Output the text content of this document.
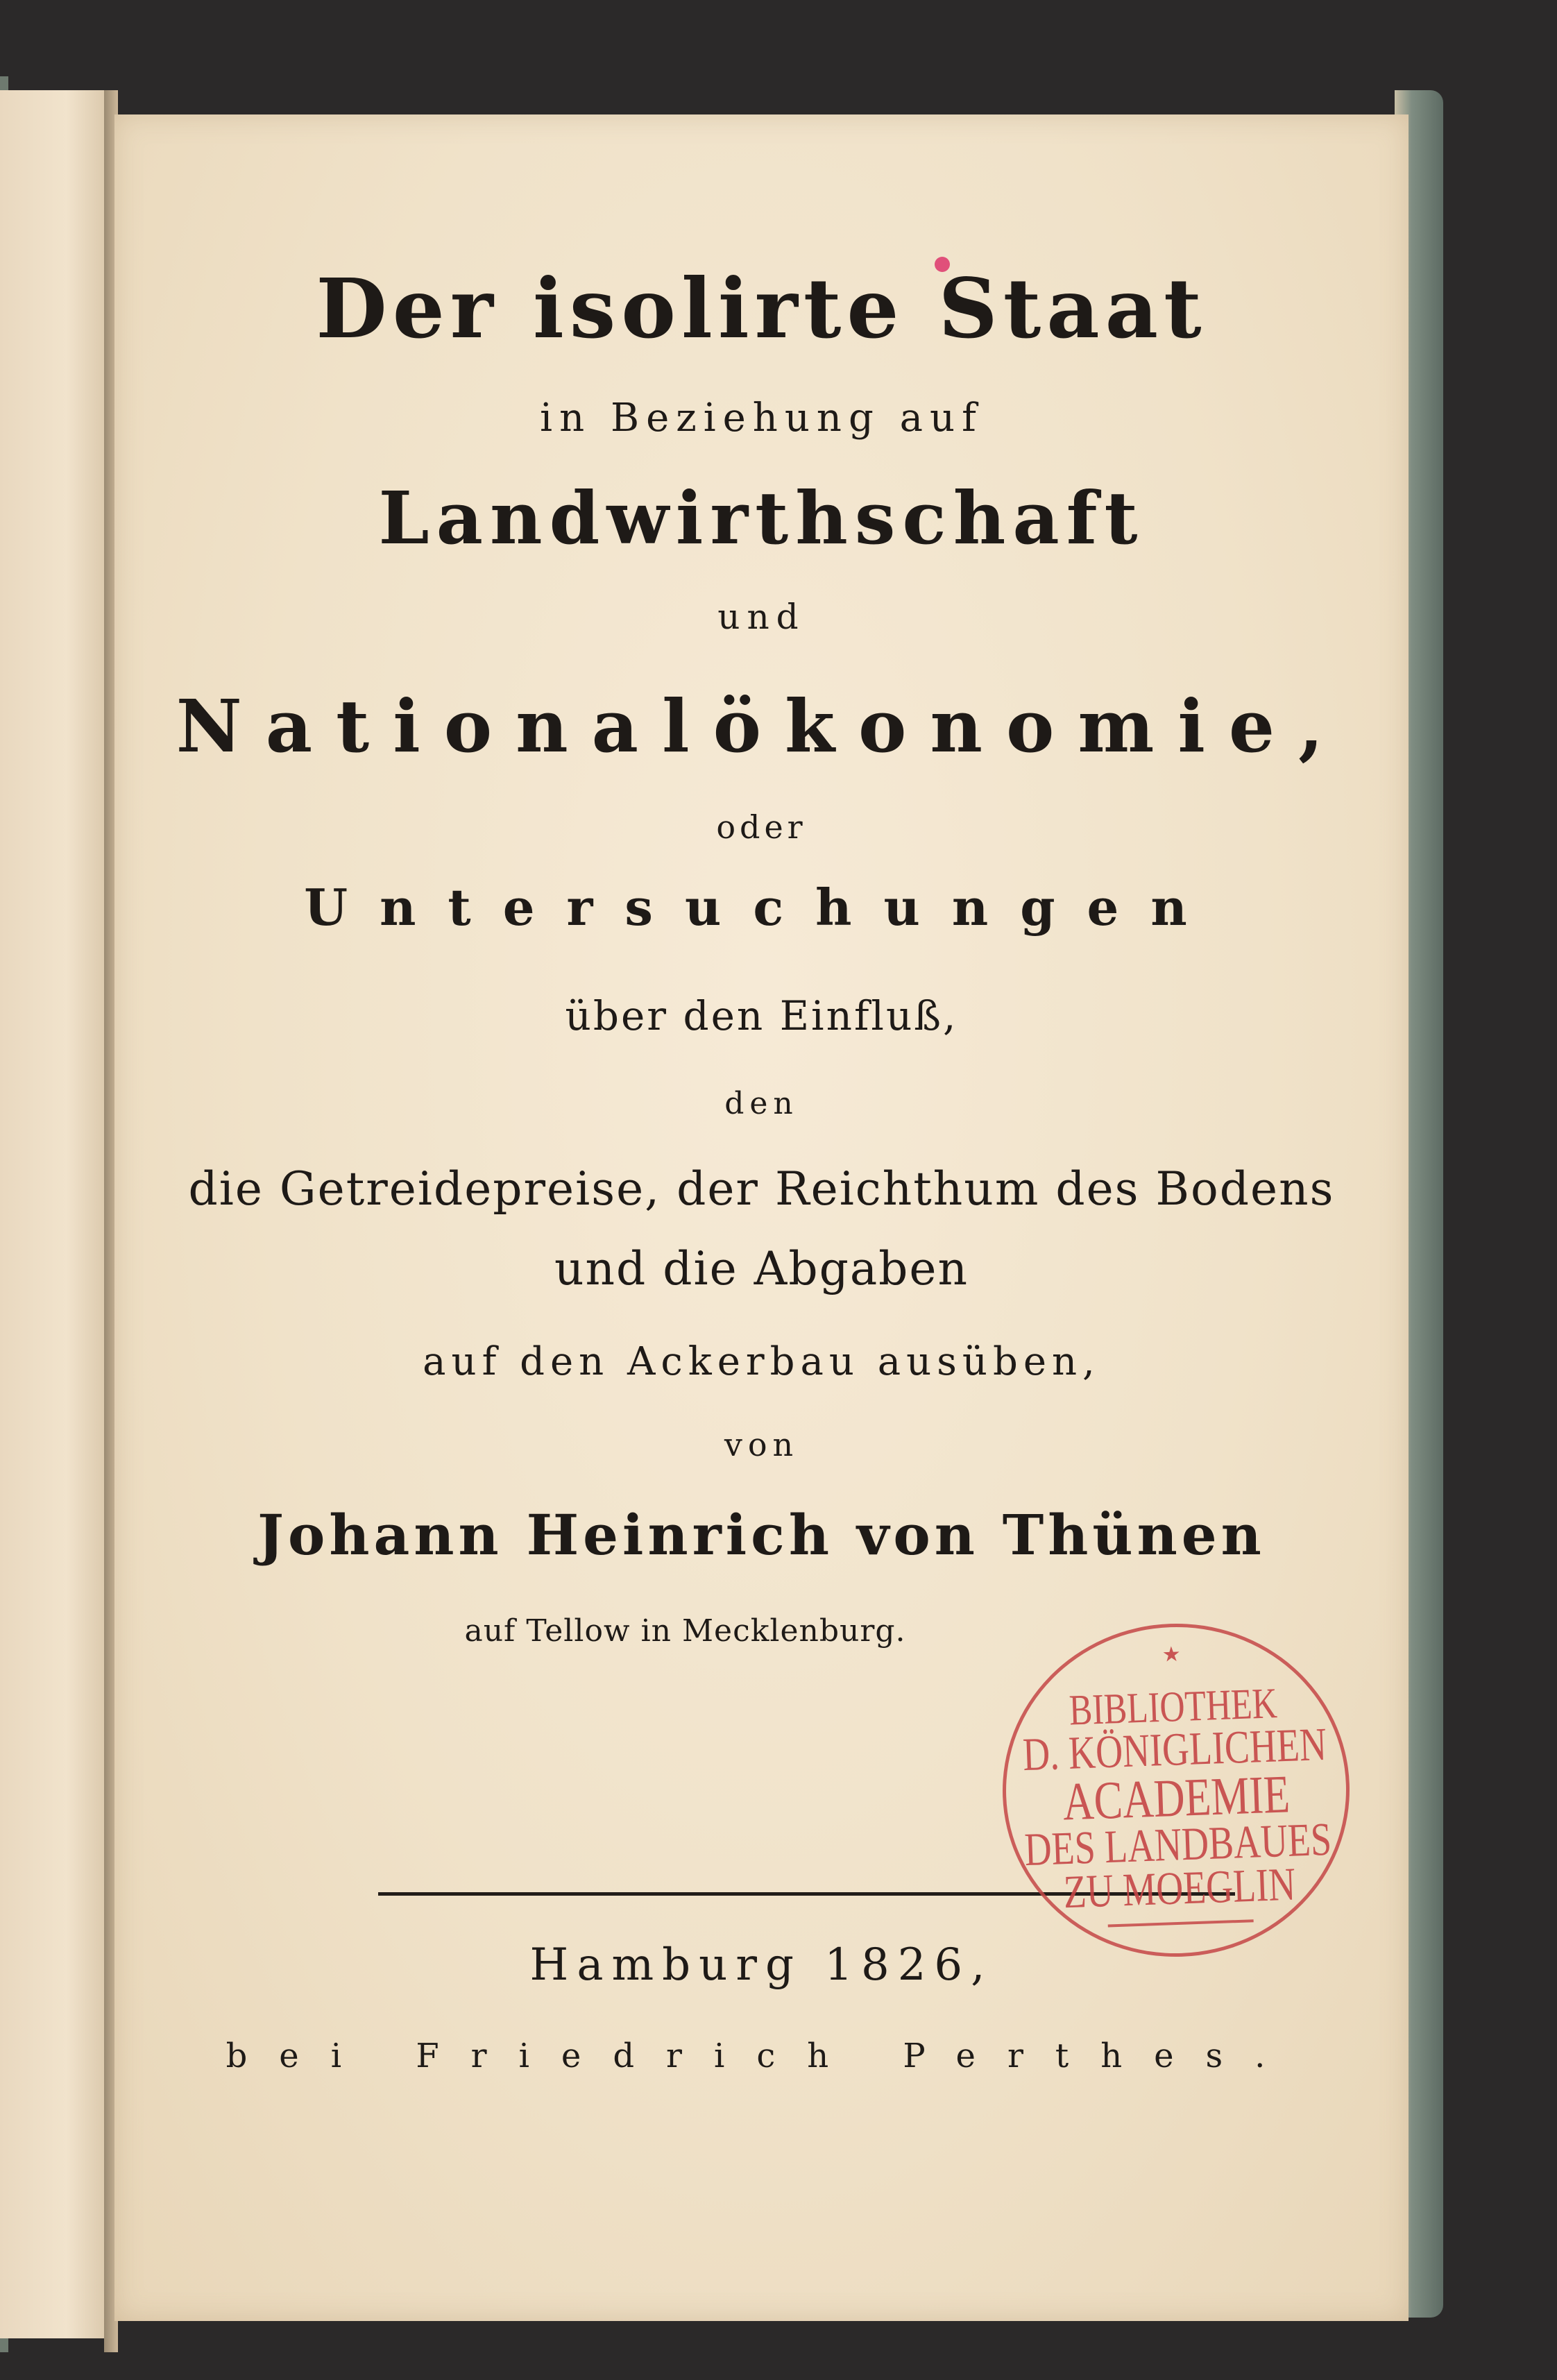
Der isolirte Staat

in Beziehung auf

Landwirthschaft

und

Nationalökonomie,

oder

Untersuchungen

über den Einfluß,

den

die Getreidepreise, der Reichthum des Bodens

und die Abgaben

auf den Ackerbau ausüben,

von

Johann Heinrich von Thünen

auf Tellow in Mecklenburg.

Hamburg 1826,

bei Friedrich Perthes.

★

BIBLIOTHEK

D. KÖNIGLICHEN

ACADEMIE

DES LANDBAUES

ZU MOEGLIN
